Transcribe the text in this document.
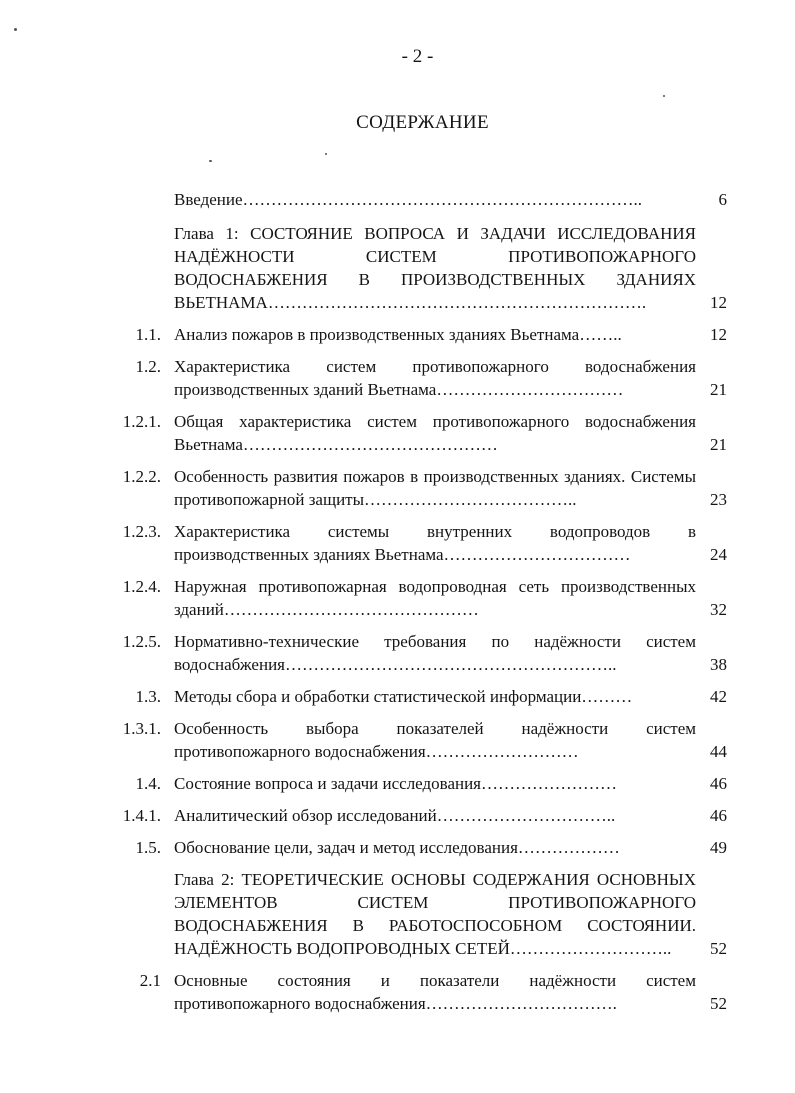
- 2 -
СОДЕРЖАНИЕ
Введение……………………………………………………………..	6
Глава 1: СОСТОЯНИЕ ВОПРОСА И ЗАДАЧИ ИССЛЕДОВАНИЯ НАДЁЖНОСТИ СИСТЕМ ПРОТИВОПОЖАРНОГО ВОДОСНАБЖЕНИЯ В ПРОИЗВОДСТВЕННЫХ ЗДАНИЯХ ВЬЕТНАМА………………………………………………………….	12
1.1. Анализ пожаров в производственных зданиях Вьетнама……..	12
1.2. Характеристика систем противопожарного водоснабжения производственных зданий Вьетнама……………………………	21
1.2.1. Общая характеристика систем противопожарного водоснабжения Вьетнама………………………………………	21
1.2.2. Особенность развития пожаров в производственных зданиях. Системы противопожарной защиты………………………………..	23
1.2.3. Характеристика системы внутренних водопроводов в производственных зданиях Вьетнама……………………………	24
1.2.4. Наружная противопожарная водопроводная сеть производственных зданий………………………………………	32
1.2.5. Нормативно-технические требования по надёжности систем водоснабжения…………………………………………………..	38
1.3. Методы сбора и обработки статистической информации………	42
1.3.1. Особенность выбора показателей надёжности систем противопожарного водоснабжения………………………	44
1.4. Состояние вопроса и задачи исследования……………………	46
1.4.1. Аналитический обзор исследований…………………………..	46
1.5. Обоснование цели, задач и метод исследования………………	49
Глава 2: ТЕОРЕТИЧЕСКИЕ ОСНОВЫ СОДЕРЖАНИЯ ОСНОВНЫХ ЭЛЕМЕНТОВ СИСТЕМ ПРОТИВОПОЖАРНОГО ВОДОСНАБЖЕНИЯ В РАБОТОСПОСОБНОМ СОСТОЯНИИ. НАДЁЖНОСТЬ ВОДОПРОВОДНЫХ СЕТЕЙ………………………..	52
2.1 Основные состояния и показатели надёжности систем противопожарного водоснабжения…………………………….	52
